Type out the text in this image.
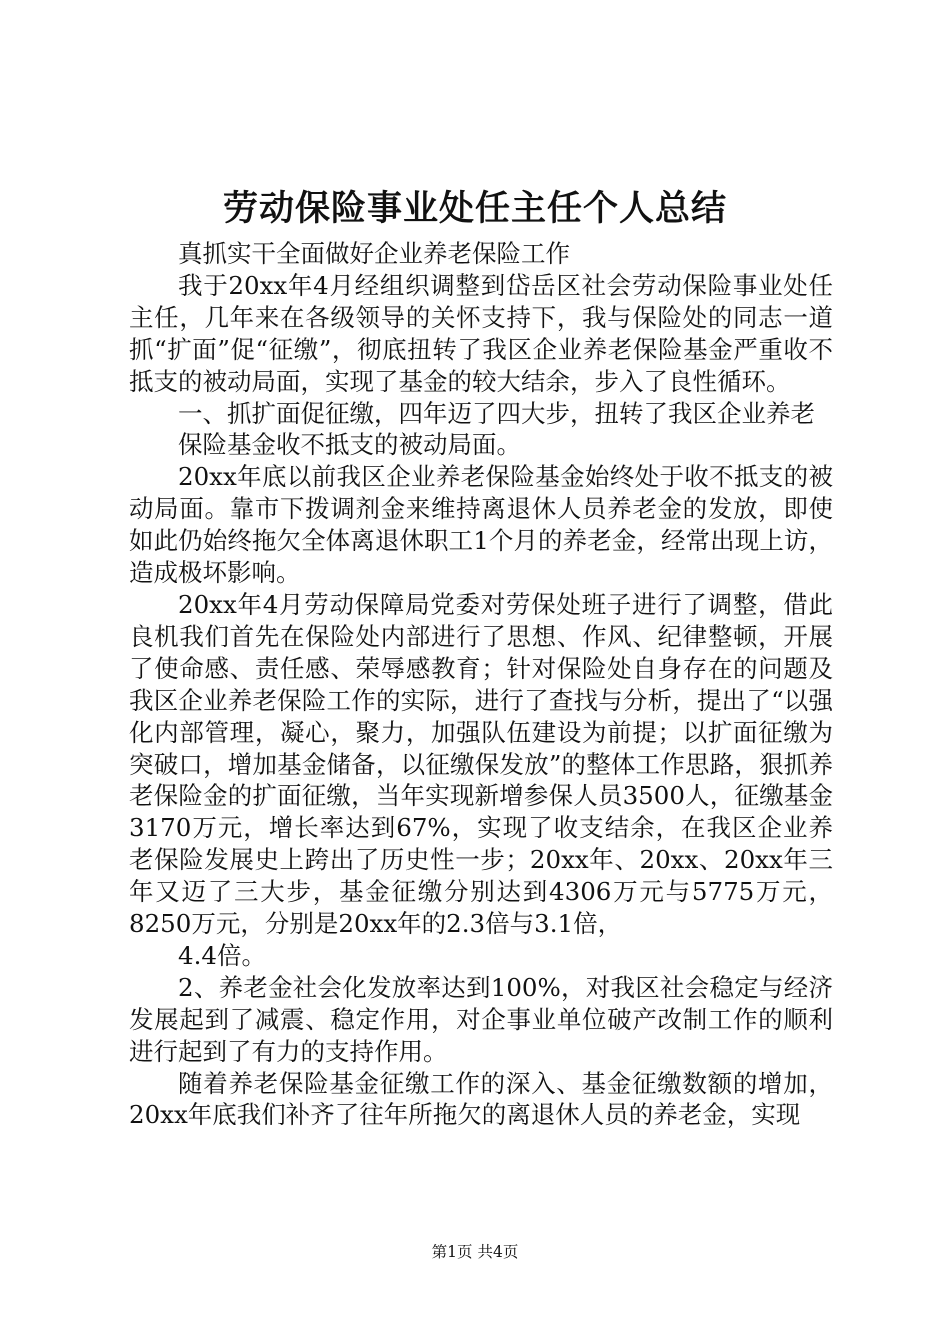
劳动保险事业处任主任个人总结

真抓实干全面做好企业养老保险工作

我于20xx年4月经组织调整到岱岳区社会劳动保险事业处任主任，几年来在各级领导的关怀支持下，我与保险处的同志一道抓“扩面”促“征缴”，彻底扭转了我区企业养老保险基金严重收不抵支的被动局面，实现了基金的较大结余，步入了良性循环。

一、抓扩面促征缴，四年迈了四大步，扭转了我区企业养老

保险基金收不抵支的被动局面。

20xx年底以前我区企业养老保险基金始终处于收不抵支的被动局面。靠市下拨调剂金来维持离退休人员养老金的发放，即使如此仍始终拖欠全体离退休职工1个月的养老金，经常出现上访，造成极坏影响。

20xx年4月劳动保障局党委对劳保处班子进行了调整，借此良机我们首先在保险处内部进行了思想、作风、纪律整顿，开展了使命感、责任感、荣辱感教育；针对保险处自身存在的问题及我区企业养老保险工作的实际，进行了查找与分析，提出了“以强化内部管理，凝心，聚力，加强队伍建设为前提；以扩面征缴为突破口，增加基金储备，以征缴保发放”的整体工作思路，狠抓养老保险金的扩面征缴，当年实现新增参保人员3500人，征缴基金3170万元，增长率达到67%，实现了收支结余，在我区企业养老保险发展史上跨出了历史性一步；20xx年、20xx、20xx年三年又迈了三大步，基金征缴分别达到4306万元与5775万元，8250万元，分别是20xx年的2.3倍与3.1倍，

4.4倍。

2、养老金社会化发放率达到100%，对我区社会稳定与经济发展起到了减震、稳定作用，对企事业单位破产改制工作的顺利进行起到了有力的支持作用。

随着养老保险基金征缴工作的深入、基金征缴数额的增加，20xx年底我们补齐了往年所拖欠的离退休人员的养老金，实现

第1页 共4页
